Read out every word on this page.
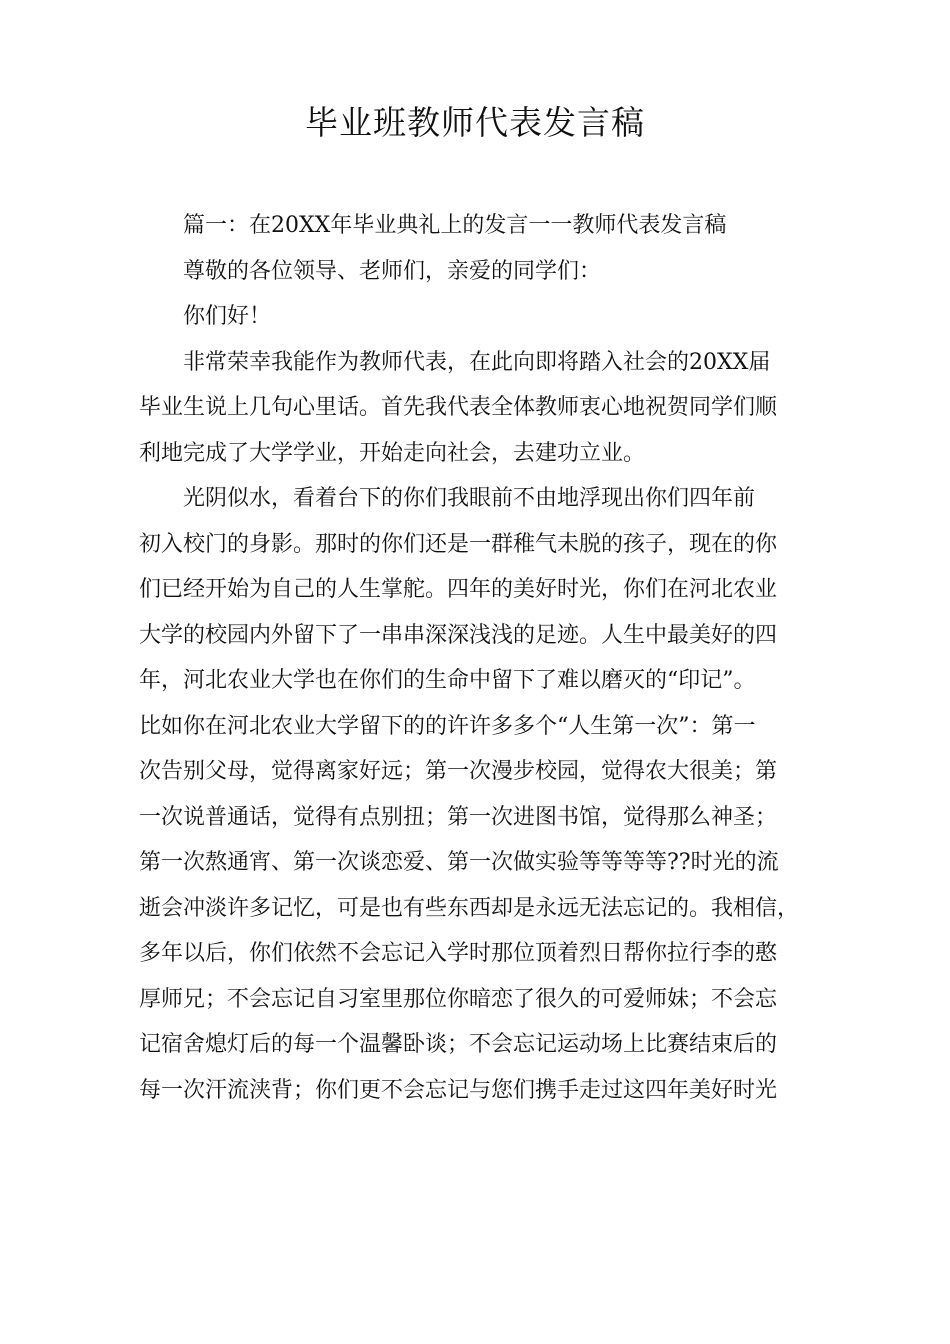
毕业班教师代表发言稿

篇一：在20XX年毕业典礼上的发言一一教师代表发言稿

尊敬的各位领导、老师们，亲爱的同学们：

你们好！

非常荣幸我能作为教师代表，在此向即将踏入社会的20XX届
毕业生说上几句心里话。首先我代表全体教师衷心地祝贺同学们顺
利地完成了大学学业，开始走向社会，去建功立业。

光阴似水，看着台下的你们我眼前不由地浮现出你们四年前
初入校门的身影。那时的你们还是一群稚气未脱的孩子，现在的你
们已经开始为自己的人生掌舵。四年的美好时光，你们在河北农业
大学的校园内外留下了一串串深深浅浅的足迹。人生中最美好的四
年，河北农业大学也在你们的生命中留下了难以磨灭的“印记”。
比如你在河北农业大学留下的的许许多多个“人生第一次”：第一
次告别父母，觉得离家好远；第一次漫步校园，觉得农大很美；第
一次说普通话，觉得有点别扭；第一次进图书馆，觉得那么神圣；
第一次熬通宵、第一次谈恋爱、第一次做实验等等等等??时光的流
逝会冲淡许多记忆，可是也有些东西却是永远无法忘记的。我相信，
多年以后，你们依然不会忘记入学时那位顶着烈日帮你拉行李的憨
厚师兄；不会忘记自习室里那位你暗恋了很久的可爱师妹；不会忘
记宿舍熄灯后的每一个温馨卧谈；不会忘记运动场上比赛结束后的
每一次汗流浃背；你们更不会忘记与您们携手走过这四年美好时光
